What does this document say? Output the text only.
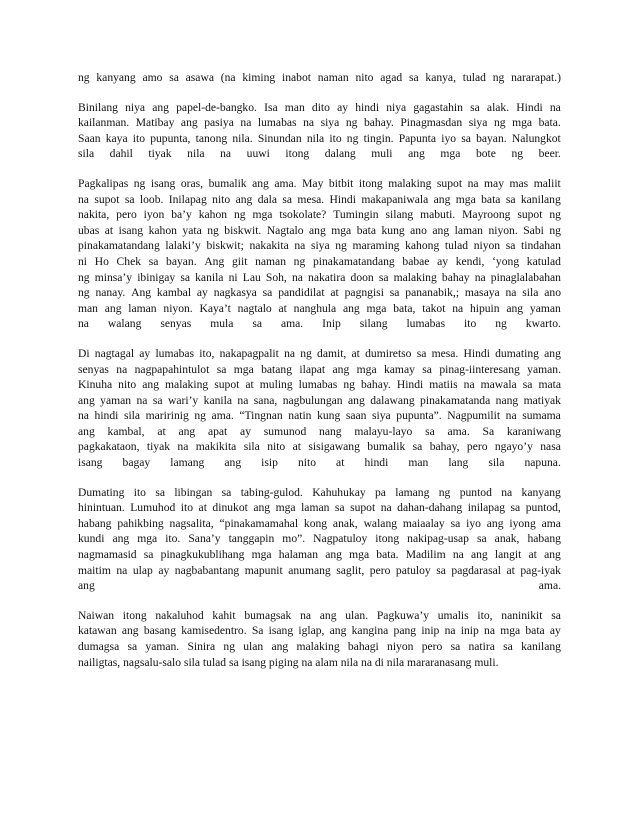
ng kanyang amo sa asawa (na kiming inabot naman nito agad sa kanya, tulad ng nararapat.)
Binilang niya ang papel-de-bangko. Isa man dito ay hindi niya gagastahin sa alak. Hindi na
kailanman. Matibay ang pasiya na lumabas na siya ng bahay. Pinagmasdan siya ng mga bata.
Saan kaya ito pupunta, tanong nila. Sinundan nila ito ng tingin. Papunta iyo sa bayan. Nalungkot
sila dahil tiyak nila na uuwi itong dalang muli ang mga bote ng beer.
Pagkalipas ng isang oras, bumalik ang ama. May bitbit itong malaking supot na may mas maliit
na supot sa loob. Inilapag nito ang dala sa mesa. Hindi makapaniwala ang mga bata sa kanilang
nakita, pero iyon ba’y kahon ng mga tsokolate? Tumingin silang mabuti. Mayroong supot ng
ubas at isang kahon yata ng biskwit. Nagtalo ang mga bata kung ano ang laman niyon. Sabi ng
pinakamatandang lalaki’y biskwit; nakakita na siya ng maraming kahong tulad niyon sa tindahan
ni Ho Chek sa bayan. Ang giit naman ng pinakamatandang babae ay kendi, ‘yong katulad
ng minsa’y ibinigay sa kanila ni Lau Soh, na nakatira doon sa malaking bahay na pinaglalabahan
ng nanay. Ang kambal ay nagkasya sa pandidilat at pagngisi sa pananabik,; masaya na sila ano
man ang laman niyon. Kaya’t nagtalo at nanghula ang mga bata, takot na hipuin ang yaman
na walang senyas mula sa ama. Inip silang lumabas ito ng kwarto.
Di nagtagal ay lumabas ito, nakapagpalit na ng damit, at dumiretso sa mesa. Hindi dumating ang
senyas na nagpapahintulot sa mga batang ilapat ang mga kamay sa pinag-iinteresang yaman.
Kinuha nito ang malaking supot at muling lumabas ng bahay. Hindi matiis na mawala sa mata
ang yaman na sa wari’y kanila na sana, nagbulungan ang dalawang pinakamatanda nang matiyak
na hindi sila maririnig ng ama. “Tingnan natin kung saan siya pupunta”. Nagpumilit na sumama
ang kambal, at ang apat ay sumunod nang malayu-layo sa ama. Sa karaniwang
pagkakataon, tiyak na makikita sila nito at sisigawang bumalik sa bahay, pero ngayo’y nasa
isang bagay lamang ang isip nito at hindi man lang sila napuna.
Dumating ito sa libingan sa tabing-gulod. Kahuhukay pa lamang ng puntod na kanyang
hinintuan. Lumuhod ito at dinukot ang mga laman sa supot na dahan-dahang inilapag sa puntod,
habang pahikbing nagsalita, “pinakamamahal kong anak, walang maiaalay sa iyo ang iyong ama
kundi ang mga ito. Sana’y tanggapin mo”. Nagpatuloy itong nakipag-usap sa anak, habang
nagmamasid sa pinagkukublihang mga halaman ang mga bata. Madilim na ang langit at ang
maitim na ulap ay nagbabantang mapunit anumang saglit, pero patuloy sa pagdarasal at pag-iyak
ang	ama.
Naiwan itong nakaluhod kahit bumagsak na ang ulan. Pagkuwa’y umalis ito, naninikit sa
katawan ang basang kamisedentro. Sa isang iglap, ang kangina pang inip na inip na mga bata ay
dumagsa sa yaman. Sinira ng ulan ang malaking bahagi niyon pero sa natira sa kanilang
nailigtas, nagsalu-salo sila tulad sa isang piging na alam nila na di nila mararanasang muli.
